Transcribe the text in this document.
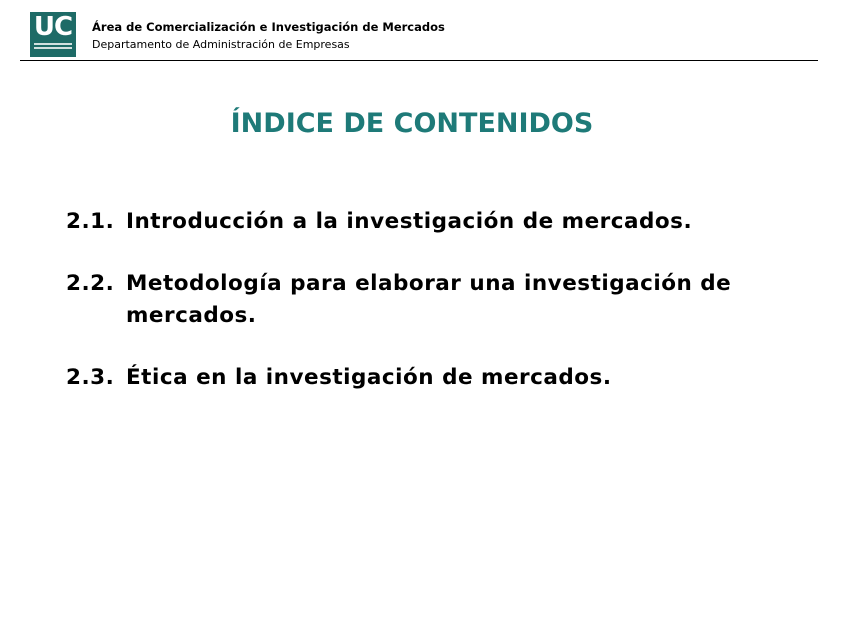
UC	Área de Comercialización e Investigación de Mercados
Departamento de Administración de Empresas
ÍNDICE DE CONTENIDOS
2.1. Introducción a la investigación de mercados.
2.2. Metodología para elaborar una investigación de mercados.
2.3. Ética en la investigación de mercados.
